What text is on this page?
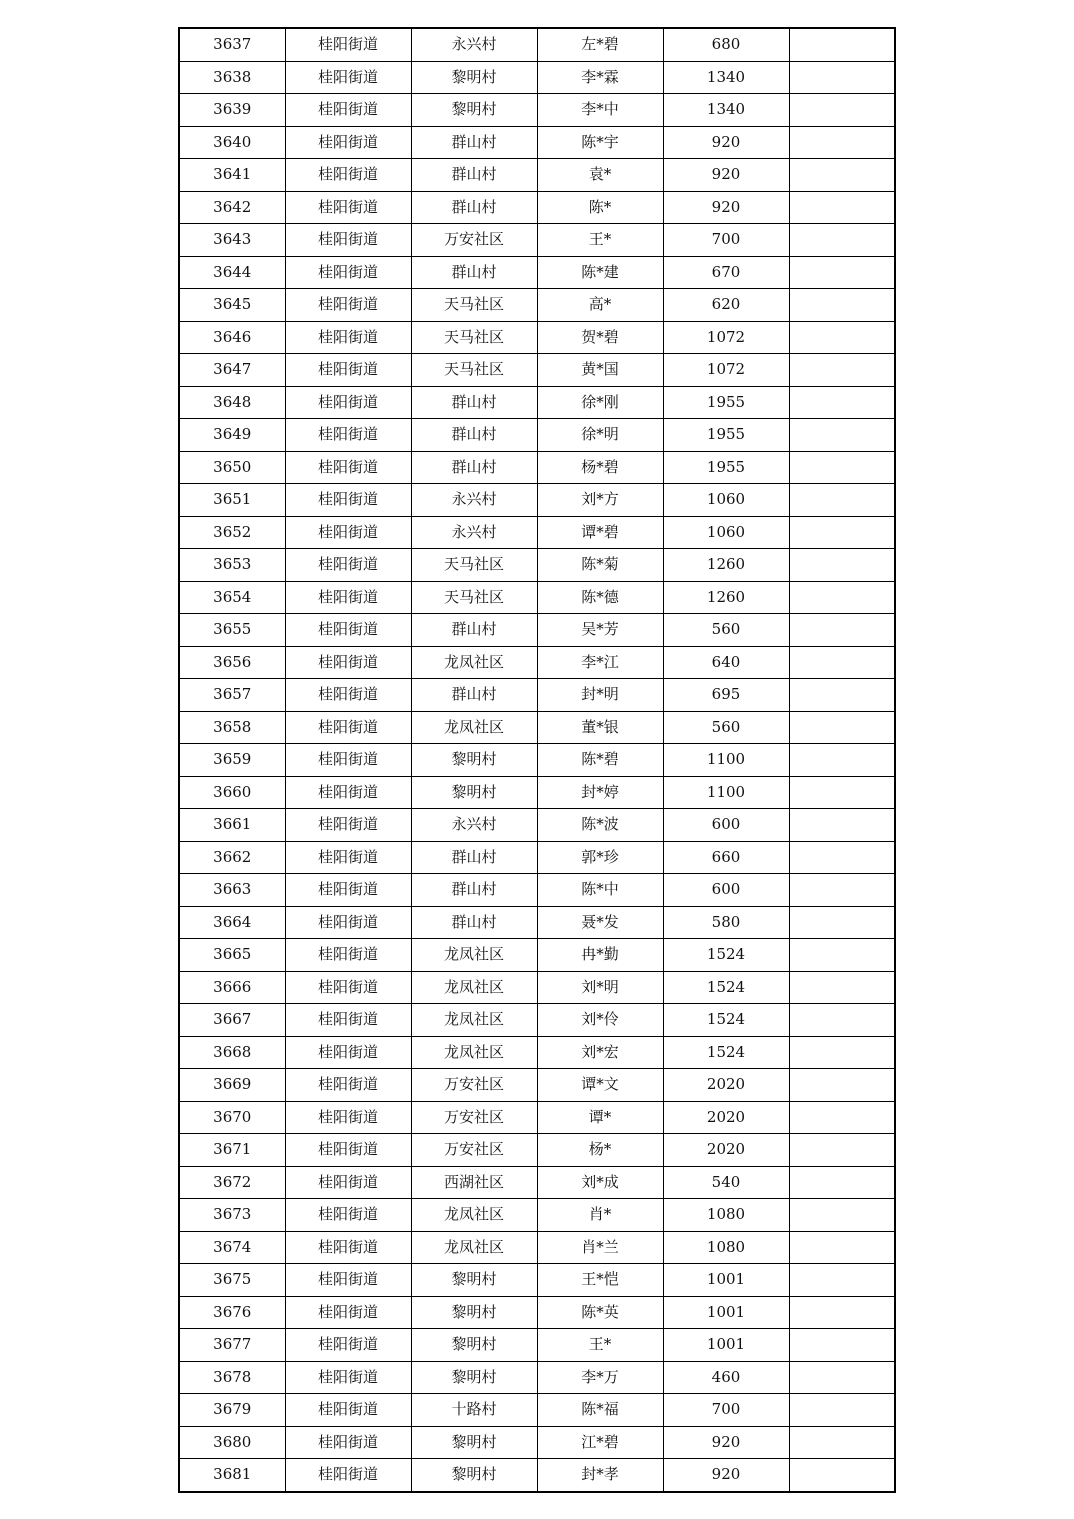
3637	桂阳街道	永兴村	左*碧	680	
3638	桂阳街道	黎明村	李*霖	1340	
3639	桂阳街道	黎明村	李*中	1340	
3640	桂阳街道	群山村	陈*宇	920	
3641	桂阳街道	群山村	袁*	920	
3642	桂阳街道	群山村	陈*	920	
3643	桂阳街道	万安社区	王*	700	
3644	桂阳街道	群山村	陈*建	670	
3645	桂阳街道	天马社区	高*	620	
3646	桂阳街道	天马社区	贺*碧	1072	
3647	桂阳街道	天马社区	黄*国	1072	
3648	桂阳街道	群山村	徐*刚	1955	
3649	桂阳街道	群山村	徐*明	1955	
3650	桂阳街道	群山村	杨*碧	1955	
3651	桂阳街道	永兴村	刘*方	1060	
3652	桂阳街道	永兴村	谭*碧	1060	
3653	桂阳街道	天马社区	陈*菊	1260	
3654	桂阳街道	天马社区	陈*德	1260	
3655	桂阳街道	群山村	吴*芳	560	
3656	桂阳街道	龙凤社区	李*江	640	
3657	桂阳街道	群山村	封*明	695	
3658	桂阳街道	龙凤社区	董*银	560	
3659	桂阳街道	黎明村	陈*碧	1100	
3660	桂阳街道	黎明村	封*婷	1100	
3661	桂阳街道	永兴村	陈*波	600	
3662	桂阳街道	群山村	郭*珍	660	
3663	桂阳街道	群山村	陈*中	600	
3664	桂阳街道	群山村	聂*发	580	
3665	桂阳街道	龙凤社区	冉*勤	1524	
3666	桂阳街道	龙凤社区	刘*明	1524	
3667	桂阳街道	龙凤社区	刘*伶	1524	
3668	桂阳街道	龙凤社区	刘*宏	1524	
3669	桂阳街道	万安社区	谭*文	2020	
3670	桂阳街道	万安社区	谭*	2020	
3671	桂阳街道	万安社区	杨*	2020	
3672	桂阳街道	西湖社区	刘*成	540	
3673	桂阳街道	龙凤社区	肖*	1080	
3674	桂阳街道	龙凤社区	肖*兰	1080	
3675	桂阳街道	黎明村	王*恺	1001	
3676	桂阳街道	黎明村	陈*英	1001	
3677	桂阳街道	黎明村	王*	1001	
3678	桂阳街道	黎明村	李*万	460	
3679	桂阳街道	十路村	陈*福	700	
3680	桂阳街道	黎明村	江*碧	920	
3681	桂阳街道	黎明村	封*孝	920	
